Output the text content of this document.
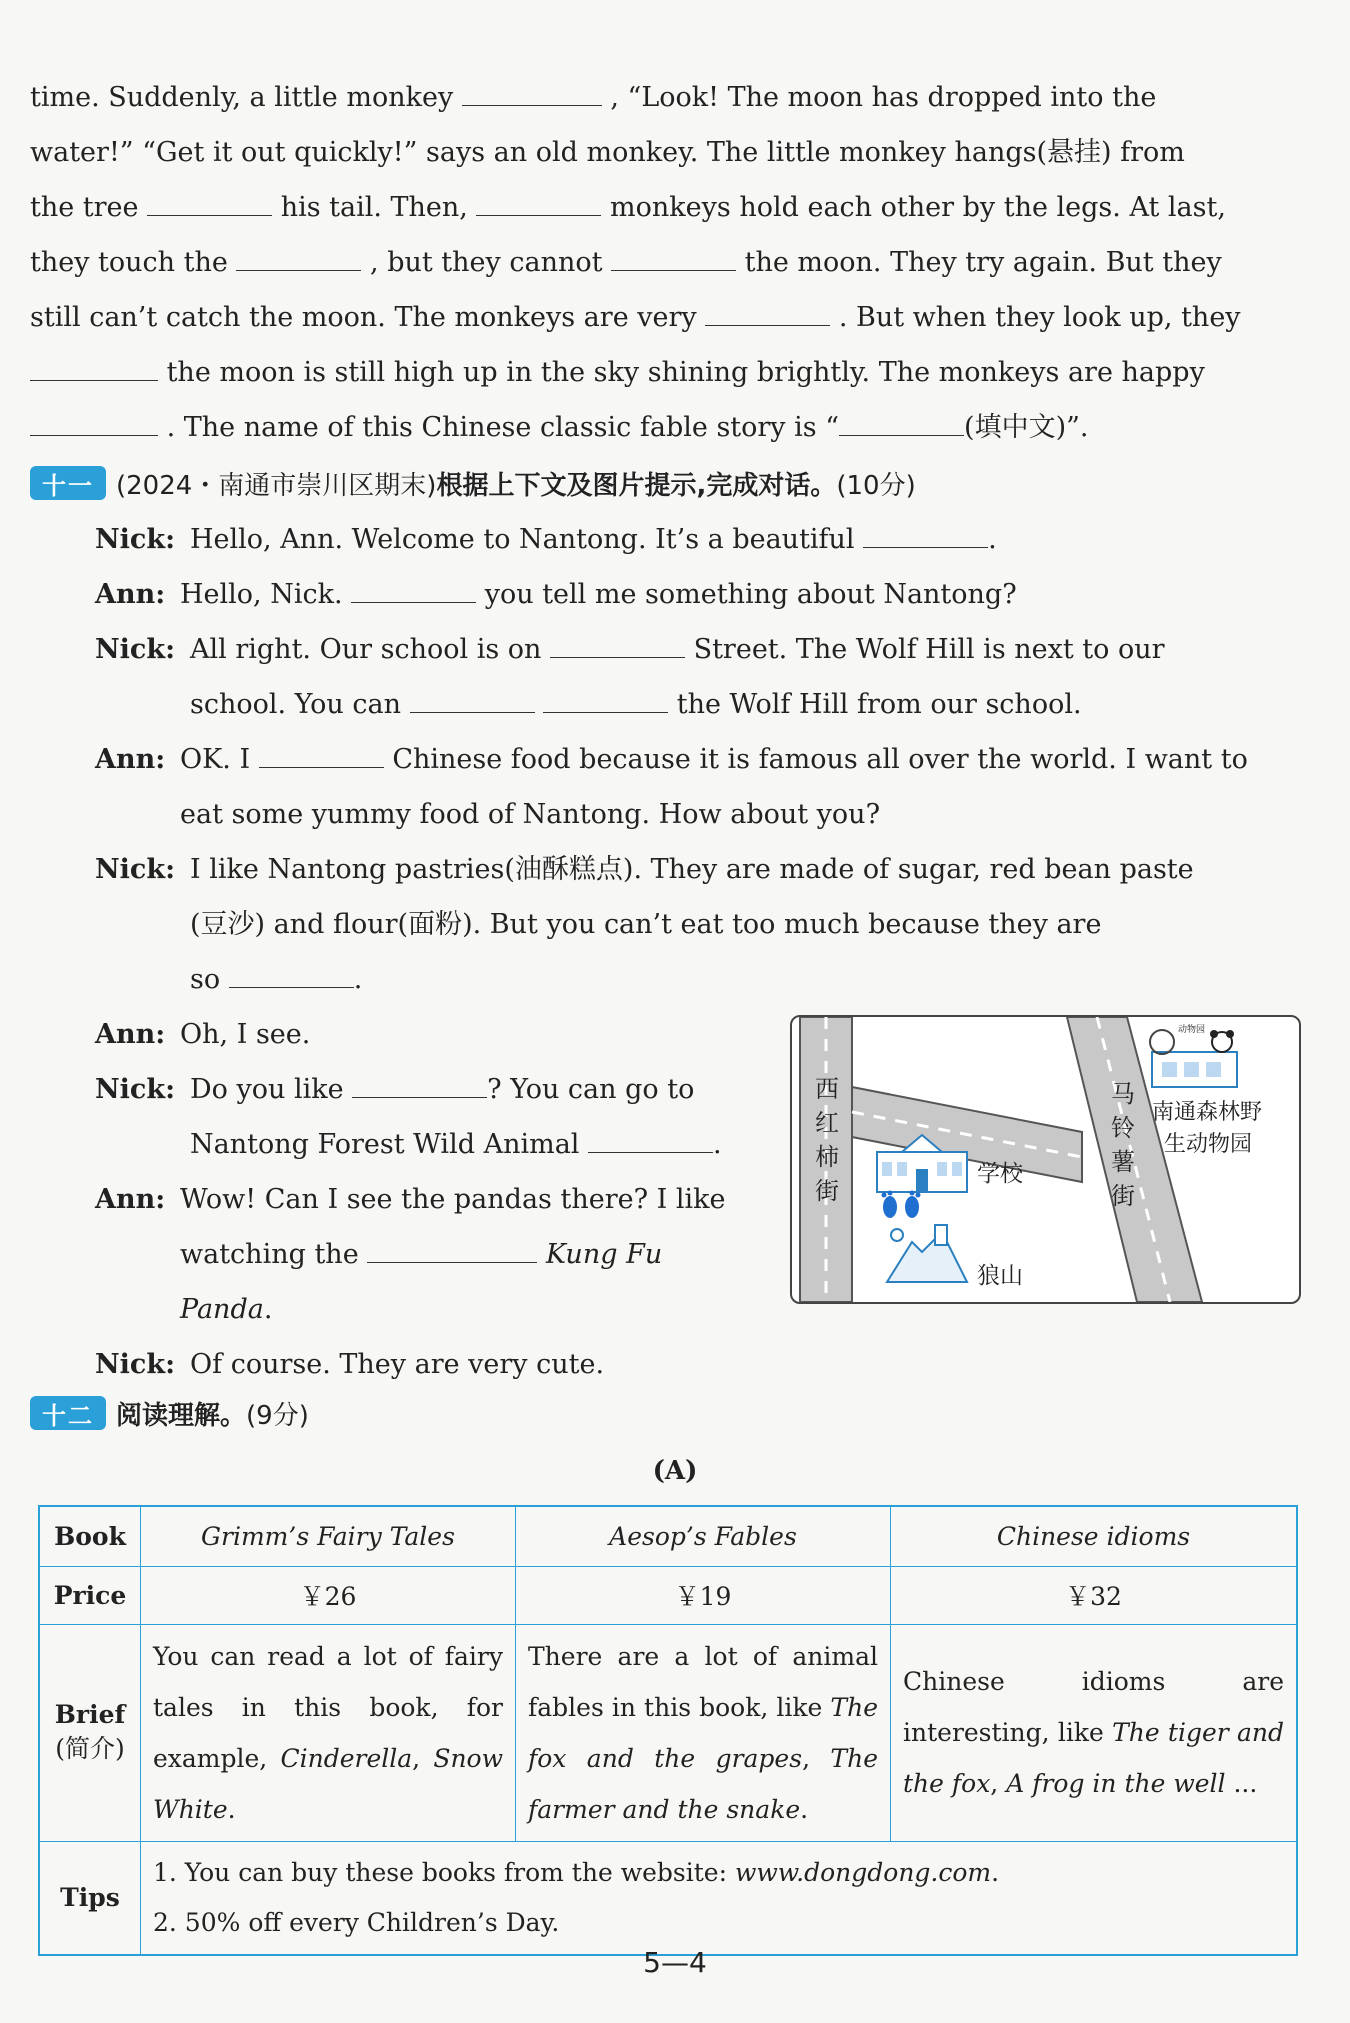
time. Suddenly, a little monkey	, “Look! The moon has dropped into the

water!” “Get it out quickly!” says an old monkey. The little monkey hangs(悬挂) from

the tree	his tail. Then,	monkeys hold each other by the legs. At last,

they touch the	, but they cannot	the moon. They try again. But they

still can’t catch the moon. The monkeys are very	. But when they look up, they

the moon is still high up in the sky shining brightly. The monkeys are happy

. The name of this Chinese classic fable story is “	(填中文)”.

十一 (2024・南通市崇川区期末)根据上下文及图片提示,完成对话。(10分)
Nick: Hello, Ann. Welcome to Nantong. It’s a beautiful	.
Ann: Hello, Nick.	you tell me something about Nantong?
Nick: All right. Our school is on	Street. The Wolf Hill is next to our
school. You can	the Wolf Hill from our school.
Ann: OK. I	Chinese food because it is famous all over the world. I want to
eat some yummy food of Nantong. How about you?
Nick: I like Nantong pastries(油酥糕点). They are made of sugar, red bean paste
(豆沙) and flour(面粉). But you can’t eat too much because they are
so	.
Ann: Oh, I see.
Nick: Do you like	? You can go to
Nantong Forest Wild Animal	.
Ann: Wow! Can I see the pandas there? I like
watching the	Kung Fu
Panda.
Nick: Of course. They are very cute.
西红柿街
马铃薯街
学校
狼山
南通森林野
生动物园
动物园
十二 阅读理解。(9分)
(A)
Book	Grimm’s Fairy Tales	Aesop’s Fables	Chinese idioms
Price	￥26	￥19	￥32
Brief
(简介)	You can read a lot of fairy tales in this book, for example, Cinderella, Snow White.	There are a lot of animal fables in this book, like The fox and the grapes, The farmer and the snake.	Chinese idioms are interesting, like The tiger and the fox, A frog in the well ...
Tips	1. You can buy these books from the website: www.dongdong.com.
2. 50% off every Children’s Day.		
5—4
